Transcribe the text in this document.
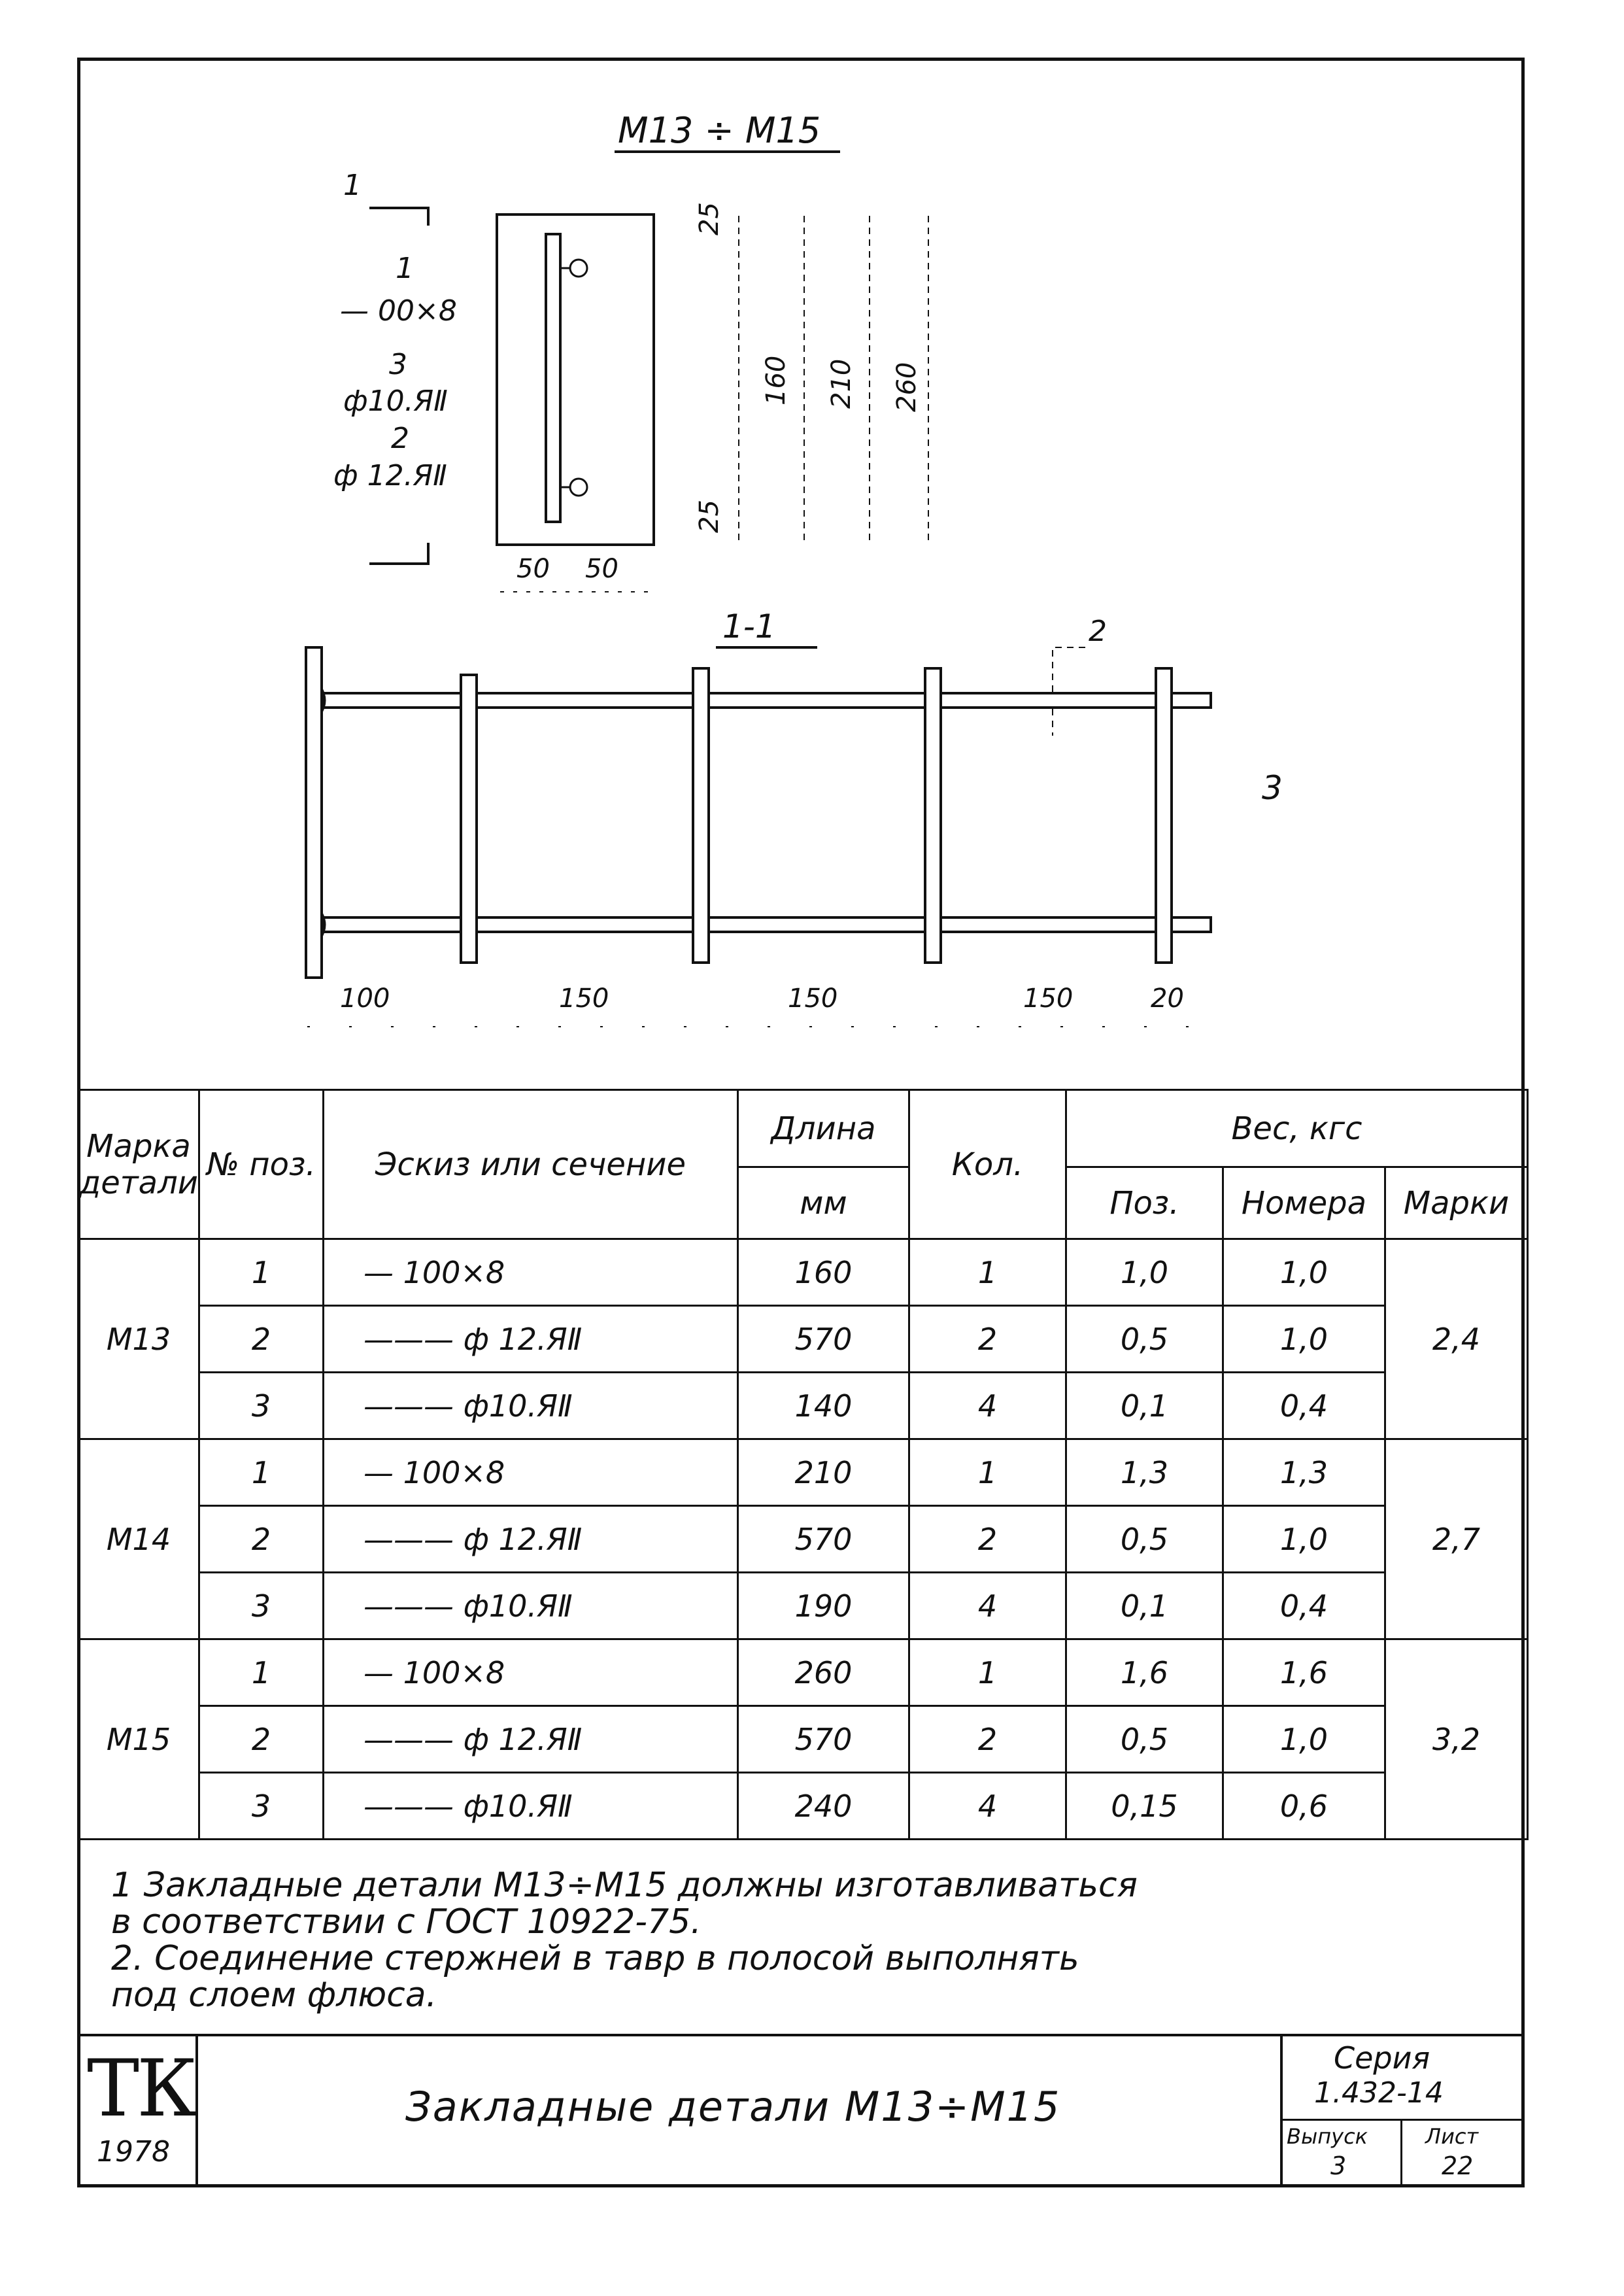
М13 ÷ М15
1
1
— 00×8
3
ф10.ЯⅡ
2
ф 12.ЯⅡ
25
160 210 260
25
50 50
1-1	2
3
100	150	150	150	20
Марка детали	№ поз.	Эскиз или сечение	Длина	Кол.	Вес, кгс		
			мм		Поз.	Номера	Марки
М13	1	— 100×8	160	1	1,0	1,0	2,4
	2	——— ф 12.ЯⅡ	570	2	0,5	1,0	
	3	——— ф10.ЯⅡ	140	4	0,1	0,4	
М14	1	— 100×8	210	1	1,3	1,3	2,7
	2	——— ф 12.ЯⅡ	570	2	0,5	1,0	
	3	——— ф10.ЯⅡ	190	4	0,1	0,4	
М15	1	— 100×8	260	1	1,6	1,6	3,2
	2	——— ф 12.ЯⅡ	570	2	0,5	1,0	
	3	——— ф10.ЯⅡ	240	4	0,15	0,6	
1 Закладные детали М13÷М15 должны изготавливаться
в соответствии с ГОСТ 10922-75.
2. Соединение стержней в тавр в полосой выполнять
под слоем флюса.
ТК
1978
Закладные детали М13÷М15
Серия
1.432-14
Выпуск
3
Лист
22
